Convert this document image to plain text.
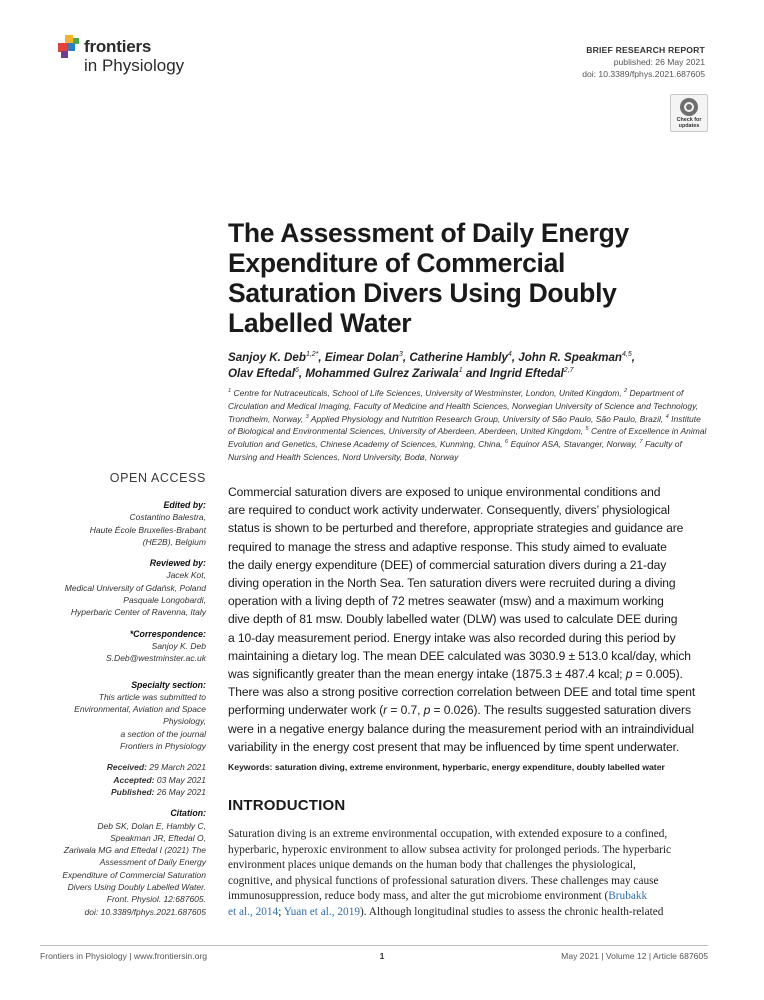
frontiers
in Physiology
BRIEF RESEARCH REPORT
published: 26 May 2021
doi: 10.3389/fphys.2021.687605
Check for
updates
The Assessment of Daily Energy
Expenditure of Commercial
Saturation Divers Using Doubly
Labelled Water
Sanjoy K. Deb$^{1,2*}$, Eimear Dolan$^3$, Catherine Hambly$^4$, John R. Speakman$^{4,5}$,
Olav Eftedal$^6$, Mohammed Gulrez Zariwala$^1$ and Ingrid Eftedal$^{2,7}$
$^1$ Centre for Nutraceuticals, School of Life Sciences, University of Westminster, London, United Kingdom, $^2$ Department of Circulation and Medical Imaging, Faculty of Medicine and Health Sciences, Norwegian University of Science and Technology, Trondheim, Norway, $^3$ Applied Physiology and Nutrition Research Group, University of São Paulo, São Paulo, Brazil, $^4$ Institute of Biological and Environmental Sciences, University of Aberdeen, Aberdeen, United Kingdom, $^5$ Centre of Excellence in Animal Evolution and Genetics, Chinese Academy of Sciences, Kunming, China, $^6$ Equinor ASA, Stavanger, Norway, $^7$ Faculty of Nursing and Health Sciences, Nord University, Bodø, Norway
OPEN ACCESS
Edited by:
Costantino Balestra,
Haute École Bruxelles-Brabant
(HE2B), Belgium
Reviewed by:
Jacek Kot,
Medical University of Gdańsk, Poland
Pasquale Longobardi,
Hyperbaric Center of Ravenna, Italy
*Correspondence:
Sanjoy K. Deb
S.Deb@westminster.ac.uk
Specialty section:
This article was submitted to
Environmental, Aviation and Space
Physiology,
a section of the journal
Frontiers in Physiology
Received: 29 March 2021
Accepted: 03 May 2021
Published: 26 May 2021
Citation:
Deb SK, Dolan E, Hambly C,
Speakman JR, Eftedal O,
Zariwala MG and Eftedal I (2021) The
Assessment of Daily Energy
Expenditure of Commercial Saturation
Divers Using Doubly Labelled Water.
Front. Physiol. 12:687605.
doi: 10.3389/fphys.2021.687605
Commercial saturation divers are exposed to unique environmental conditions and
are required to conduct work activity underwater. Consequently, divers’ physiological
status is shown to be perturbed and therefore, appropriate strategies and guidance are
required to manage the stress and adaptive response. This study aimed to evaluate
the daily energy expenditure (DEE) of commercial saturation divers during a 21-day
diving operation in the North Sea. Ten saturation divers were recruited during a diving
operation with a living depth of 72 metres seawater (msw) and a maximum working
dive depth of 81 msw. Doubly labelled water (DLW) was used to calculate DEE during
a 10-day measurement period. Energy intake was also recorded during this period by
maintaining a dietary log. The mean DEE calculated was 3030.9 ± 513.0 kcal/day, which
was significantly greater than the mean energy intake (1875.3 ± 487.4 kcal; p = 0.005).
There was also a strong positive correction correlation between DEE and total time spent
performing underwater work (r = 0.7, p = 0.026). The results suggested saturation divers
were in a negative energy balance during the measurement period with an intraindividual
variability in the energy cost present that may be influenced by time spent underwater.
Keywords: saturation diving, extreme environment, hyperbaric, energy expenditure, doubly labelled water
INTRODUCTION
Saturation diving is an extreme environmental occupation, with extended exposure to a confined,
hyperbaric, hyperoxic environment to allow subsea activity for prolonged periods. The hyperbaric
environment places unique demands on the human body that challenges the physiological,
cognitive, and physical functions of professional saturation divers. These challenges may cause
immunosuppression, reduce body mass, and alter the gut microbiome environment (Brubakk
et al., 2014; Yuan et al., 2019). Although longitudinal studies to assess the chronic health-related
Frontiers in Physiology | www.frontiersin.org	1	May 2021 | Volume 12 | Article 687605
